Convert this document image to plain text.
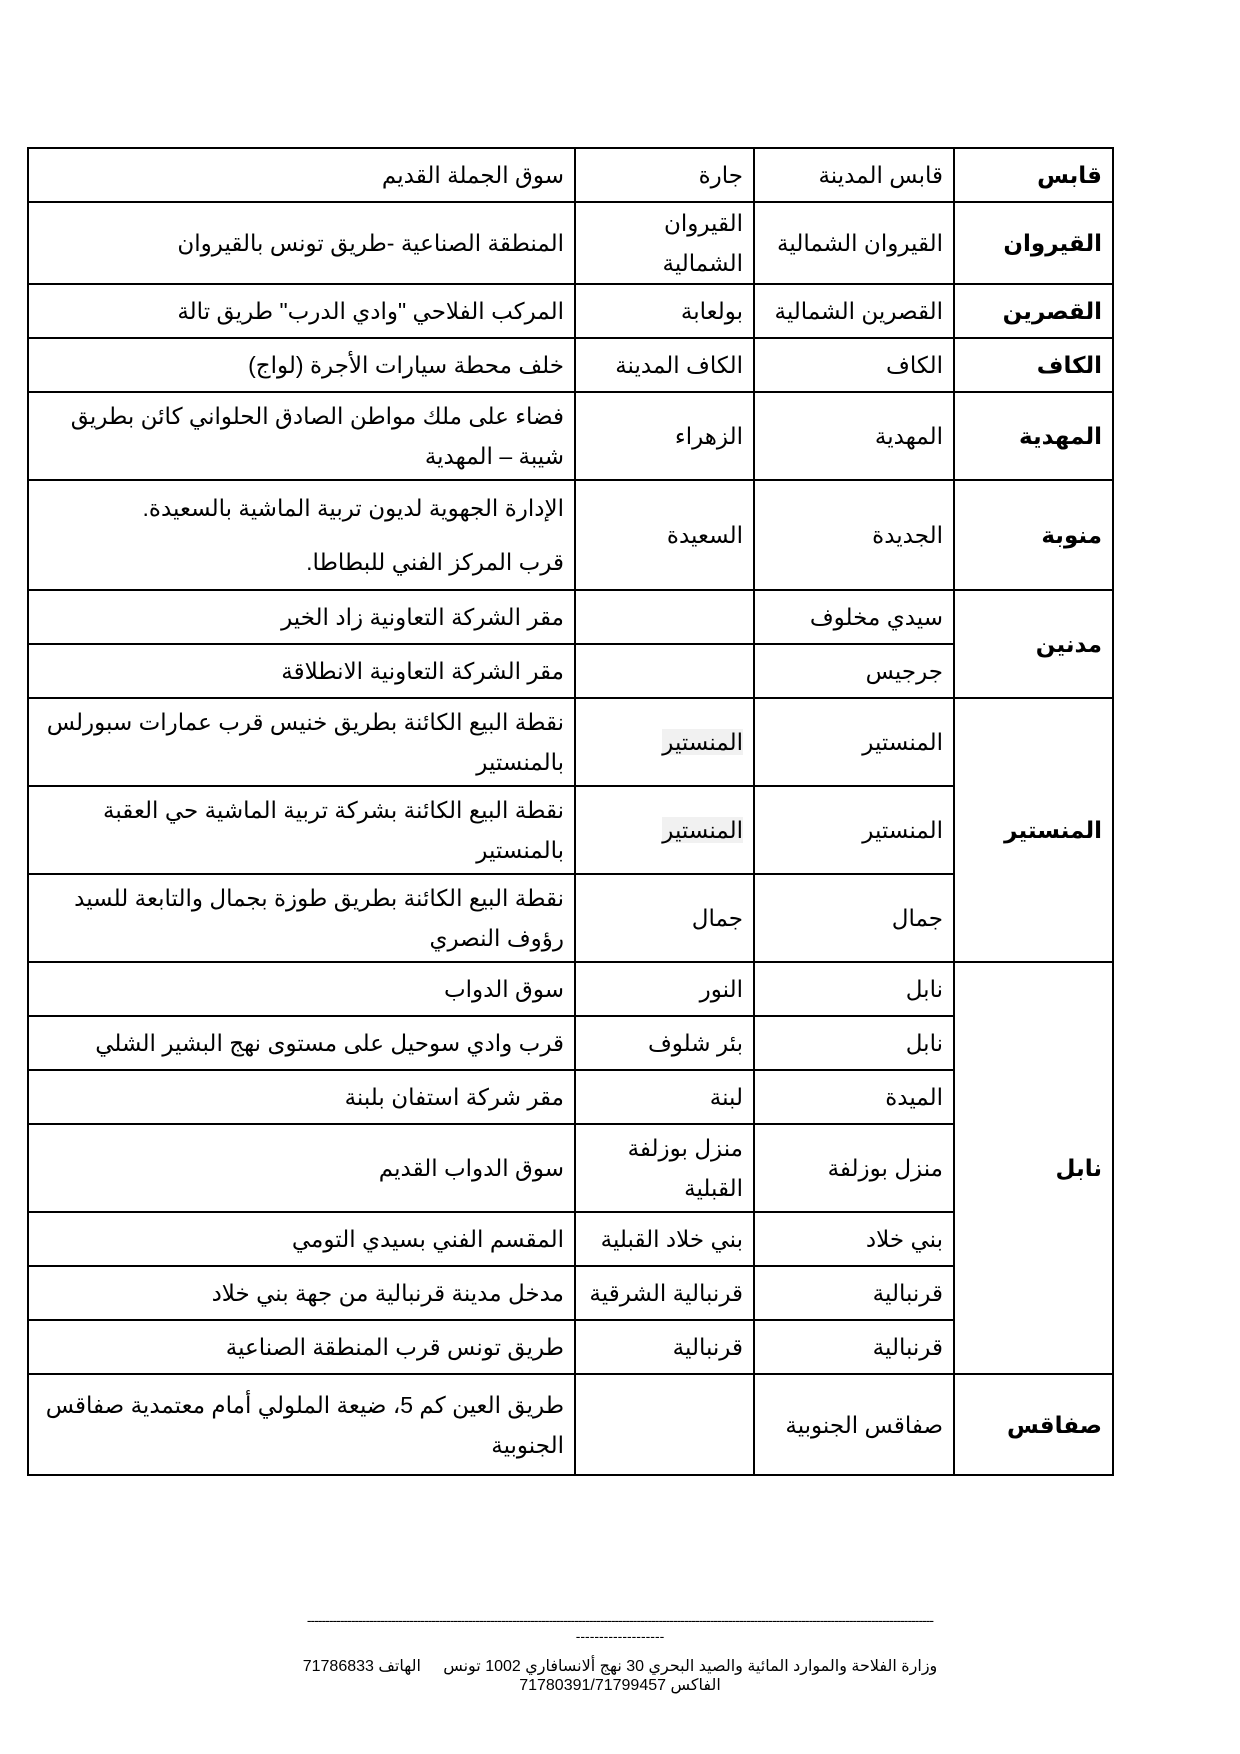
قابس	قابس المدينة	جارة	سوق الجملة القديم
القيروان	القيروان الشمالية	القيروان الشمالية	المنطقة الصناعية -طريق تونس بالقيروان
القصرين	القصرين الشمالية	بولعابة	المركب الفلاحي "وادي الدرب" طريق تالة
الكاف	الكاف	الكاف المدينة	خلف محطة سيارات الأجرة (لواج)
المهدية	المهدية	الزهراء	فضاء على ملك مواطن الصادق الحلواني كائن بطريق شيبة – المهدية
منوبة	الجديدة	السعيدة	الإدارة الجهوية لديون تربية الماشية بالسعيدة.
قرب المركز الفني للبطاطا.

مدنين	سيدي مخلوف		مقر الشركة التعاونية زاد الخير
	جرجيس		مقر الشركة التعاونية الانطلاقة
المنستير	المنستير	المنستير	نقطة البيع الكائنة بطريق خنيس قرب عمارات سبورلس بالمنستير
	المنستير	المنستير	نقطة البيع الكائنة بشركة تربية الماشية حي العقبة بالمنستير
	جمال	جمال	نقطة البيع الكائنة بطريق طوزة بجمال والتابعة للسيد رؤوف النصري
نابل	نابل	النور	سوق الدواب
	نابل	بئر شلوف	قرب وادي سوحيل على مستوى نهج البشير الشلي
	الميدة	لبنة	مقر شركة استفان بلبنة
	منزل بوزلفة	منزل بوزلفة القبلية	سوق الدواب القديم
	بني خلاد	بني خلاد القبلية	المقسم الفني بسيدي التومي
	قرنبالية	قرنبالية الشرقية	مدخل مدينة قرنبالية من جهة بني خلاد
	قرنبالية	قرنبالية	طريق تونس قرب المنطقة الصناعية
صفاقس	صفاقس الجنوبية		طريق العين كم 5، ضيعة الملولي أمام معتمدية صفاقس الجنوبية
---------------------------------------------------------------------------------------------------------------------------------------------------------------------------
-------------------
وزارة الفلاحة والموارد المائية والصيد البحري 30 نهج ألانسافاري 1002 تونس     الهاتف 71786833
الفاكس 71780391/71799457
